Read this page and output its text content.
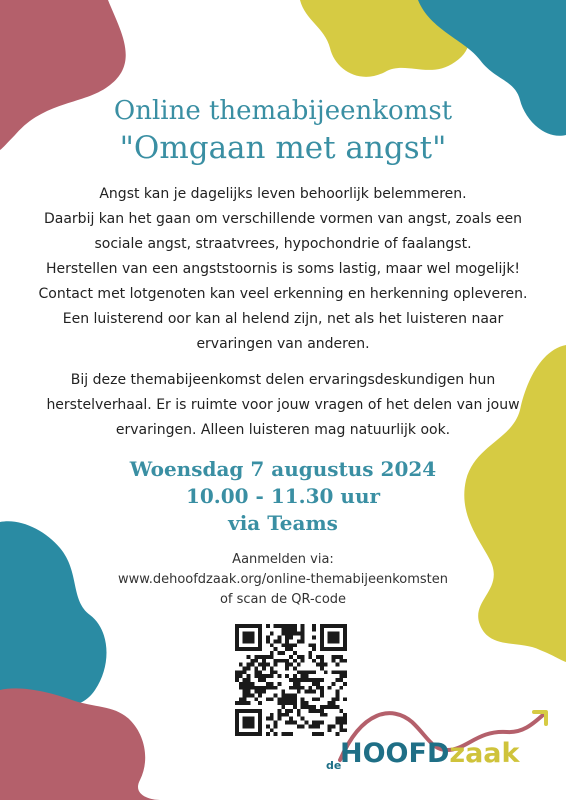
Online themabijeenkomst
"Omgaan met angst"
Angst kan je dagelijks leven behoorlijk belemmeren.
Daarbij kan het gaan om verschillende vormen van angst, zoals een
sociale angst, straatvrees, hypochondrie of faalangst.
Herstellen van een angststoornis is soms lastig, maar wel mogelijk!
Contact met lotgenoten kan veel erkenning en herkenning opleveren.
Een luisterend oor kan al helend zijn, net als het luisteren naar
ervaringen van anderen.
Bij deze themabijeenkomst delen ervaringsdeskundigen hun
herstelverhaal. Er is ruimte voor jouw vragen of het delen van jouw
ervaringen. Alleen luisteren mag natuurlijk ook.
Woensdag 7 augustus 2024
10.00 - 11.30 uur
via Teams
Aanmelden via:
www.dehoofdzaak.org/online-themabijeenkomsten
of scan de QR-code
de
HOOFDzaak
